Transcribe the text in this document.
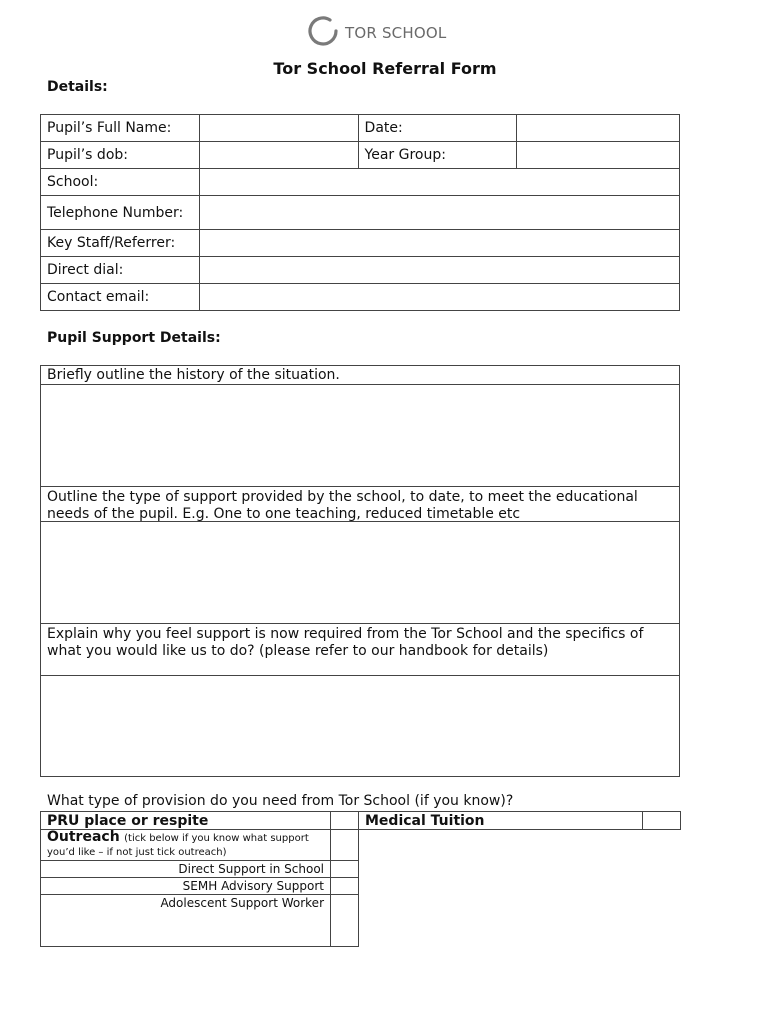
TOR SCHOOL
Tor School Referral Form
Details:
Pupil’s Full Name:		Date:	
Pupil’s dob:		Year Group:	
School:			
Telephone Number:			
Key Staff/Referrer:			
Direct dial:			
Contact email:			
Pupil Support Details:
Briefly outline the history of the situation.
Outline the type of support provided by the school, to date, to meet the educational needs of the pupil. E.g. One to one teaching, reduced timetable etc
Explain why you feel support is now required from the Tor School and the specifics of what you would like us to do? (please refer to our handbook for details)
What type of provision do you need from Tor School (if you know)?
PRU place or respite		Medical Tuition	
Outreach (tick below if you know what support you’d like – if not just tick outreach)			
Direct Support in School			
SEMH Advisory Support			
Adolescent Support Worker			
